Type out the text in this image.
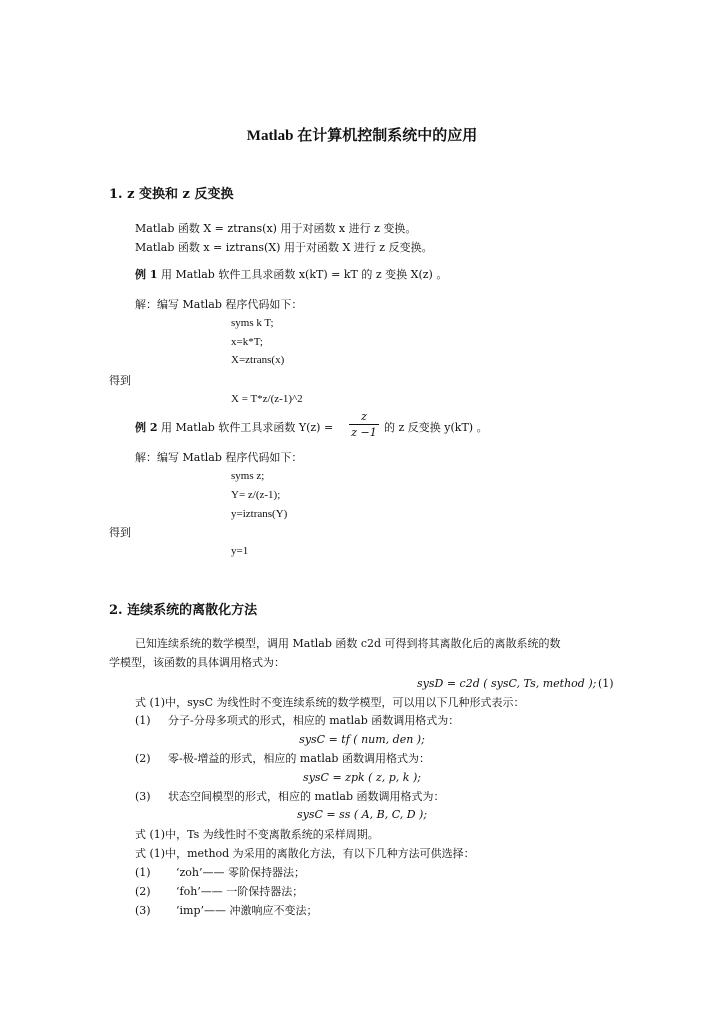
Matlab 在计算机控制系统中的应用
1. z 变换和 z 反变换
Matlab 函数 X = ztrans(x) 用于对函数 x 进行 z 变换。
Matlab 函数 x = iztrans(X) 用于对函数 X 进行 z 反变换。
例 1 用 Matlab 软件工具求函数 x(kT) = kT 的 z 变换 X(z) 。
解：编写 Matlab 程序代码如下：
syms k T;
x=k*T;
X=ztrans(x)
得到
X = T*z/(z-1)^2
例 2 用 Matlab 软件工具求函数 Y(z) =
z
z −1 的 z 反变换 y(kT) 。
解：编写 Matlab 程序代码如下：
syms z;
Y= z/(z-1);
y=iztrans(Y)
得到
y=1
2. 连续系统的离散化方法
已知连续系统的数学模型，调用 Matlab 函数 c2d 可得到将其离散化后的离散系统的数
学模型，该函数的具体调用格式为：
sysD = c2d ( sysC, Ts, method ); (1)
式 (1)中，sysC 为线性时不变连续系统的数学模型，可以用以下几种形式表示：
(1) 分子-分母多项式的形式，相应的 matlab 函数调用格式为：
sysC = tf ( num, den );
(2) 零-极-增益的形式，相应的 matlab 函数调用格式为：
sysC = zpk ( z, p, k );
(3) 状态空间模型的形式，相应的 matlab 函数调用格式为：
sysC = ss ( A, B, C, D );
式 (1)中，Ts 为线性时不变离散系统的采样周期。
式 (1)中，method 为采用的离散化方法，有以下几种方法可供选择：
(1) ‘zoh’—— 零阶保持器法；
(2) ‘foh’—— 一阶保持器法；
(3) ‘imp’—— 冲激响应不变法；
